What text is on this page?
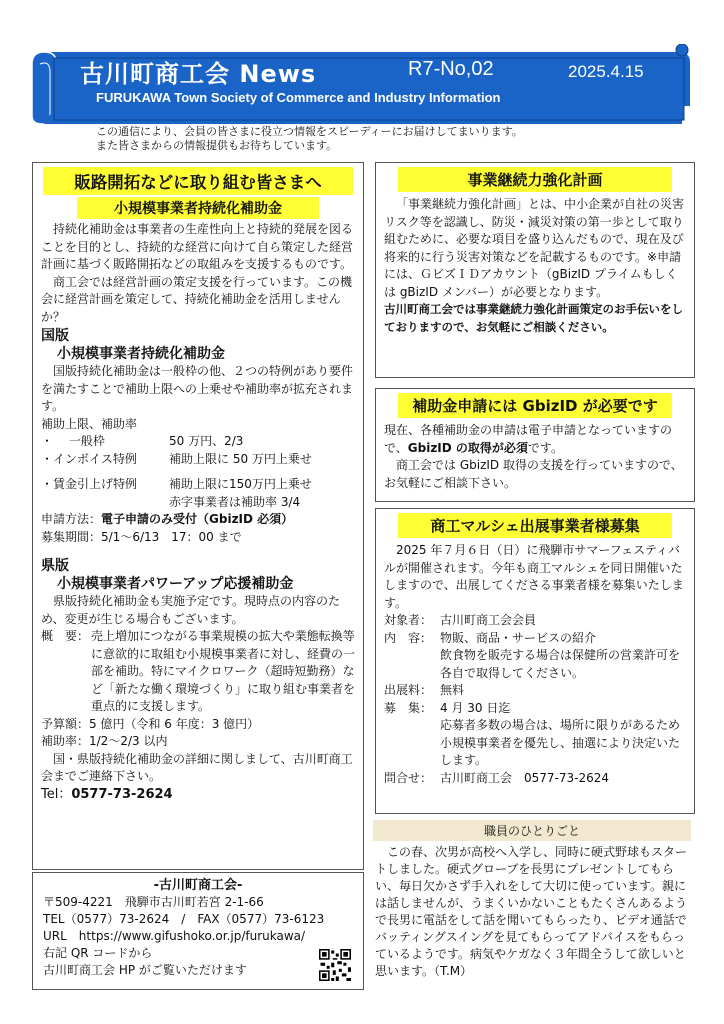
古川町商工会 News	R7-No,02	2025.4.15
FURUKAWA Town Society of Commerce and Industry Information
この通信により、会員の皆さまに役立つ情報をスピーディーにお届けしてまいります。
また皆さまからの情報提供もお待ちしています。
販路開拓などに取り組む皆さまへ
小規模事業者持続化補助金
持続化補助金は事業者の生産性向上と持続的発展を図ることを目的とし、持続的な経営に向けて自ら策定した経営計画に基づく販路開拓などの取組みを支援するものです。
商工会では経営計画の策定支援を行っています。この機会に経営計画を策定して、持続化補助金を活用しませんか？
国版
小規模事業者持続化補助金
国版持続化補助金は一般枠の他、２つの特例があり要件を満たすことで補助上限への上乗せや補助率が拡充されます。
補助上限、補助率
・　 一般枠	50 万円、2/3
・インボイス特例	補助上限に 50 万円上乗せ
・賃金引上げ特例	補助上限に150万円上乗せ
赤字事業者は補助率 3/4
申請方法： 電子申請のみ受付（GbizID 必須）
募集期間：5/1～6/13　17：00 まで
県版
小規模事業者パワーアップ応援補助金
県版持続化補助金も実施予定です。現時点の内容のため、変更が生じる場合もございます。
概　要： 売上増加につながる事業規模の拡大や業態転換等に意欲的に取組む小規模事業者に対し、経費の一部を補助。特にマイクロワーク（超時短勤務）など「新たな働く環境づくり」に取り組む事業者を重点的に支援します。
予算額：5 億円（令和 6 年度：3 億円）
補助率：1/2～2/3 以内
国・県版持続化補助金の詳細に関しまして、古川町商工会までご連絡下さい。
Tel：0577-73-2624
-古川町商工会-
〒509-4221　飛騨市古川町若宮 2-1-66
TEL（0577）73-2624　/　FAX（0577）73-6123
URL　https://www.gifushoko.or.jp/furukawa/
右記 QR コードから
古川町商工会 HP がご覧いただけます
事業継続力強化計画
「事業継続力強化計画」とは、中小企業が自社の災害リスク等を認識し、防災・減災対策の第一歩として取り組むために、必要な項目を盛り込んだもので、現在及び将来的に行う災害対策などを記載するものです。※申請には、ＧビズＩＤアカウント（gBizID プライムもしくは gBizID メンバー）が必要となります。
古川町商工会では事業継続力強化計画策定のお手伝いをしておりますので、お気軽にご相談ください。
補助金申請には GbizID が必要です
現在、各種補助金の申請は電子申請となっていますので、GbizID の取得が必須です。
商工会では GbizID 取得の支援を行っていますので、お気軽にご相談下さい。
商工マルシェ出展事業者様募集
2025 年７月６日（日）に飛騨市サマーフェスティバルが開催されます。今年も商工マルシェを同日開催いたしますので、出展してくださる事業者様を募集いたします。
対象者： 古川町商工会会員
内　容： 物販、商品・サービスの紹介
飲食物を販売する場合は保健所の営業許可を各自で取得してください。
出展料： 無料
募　集： 4 月 30 日迄
応募者多数の場合は、場所に限りがあるため小規模事業者を優先し、抽選により決定いたします。
問合せ： 古川町商工会　0577-73-2624
職員のひとりごと
この春、次男が高校へ入学し、同時に硬式野球もスタートしました。硬式グローブを長男にプレゼントしてもらい、毎日欠かさず手入れをして大切に使っています。親には話しませんが、うまくいかないこともたくさんあるようで長男に電話をして話を聞いてもらったり、ビデオ通話でバッティングスイングを見てもらってアドバイスをもらっているようです。病気やケガなく３年間全うして欲しいと思います。（T.M）
